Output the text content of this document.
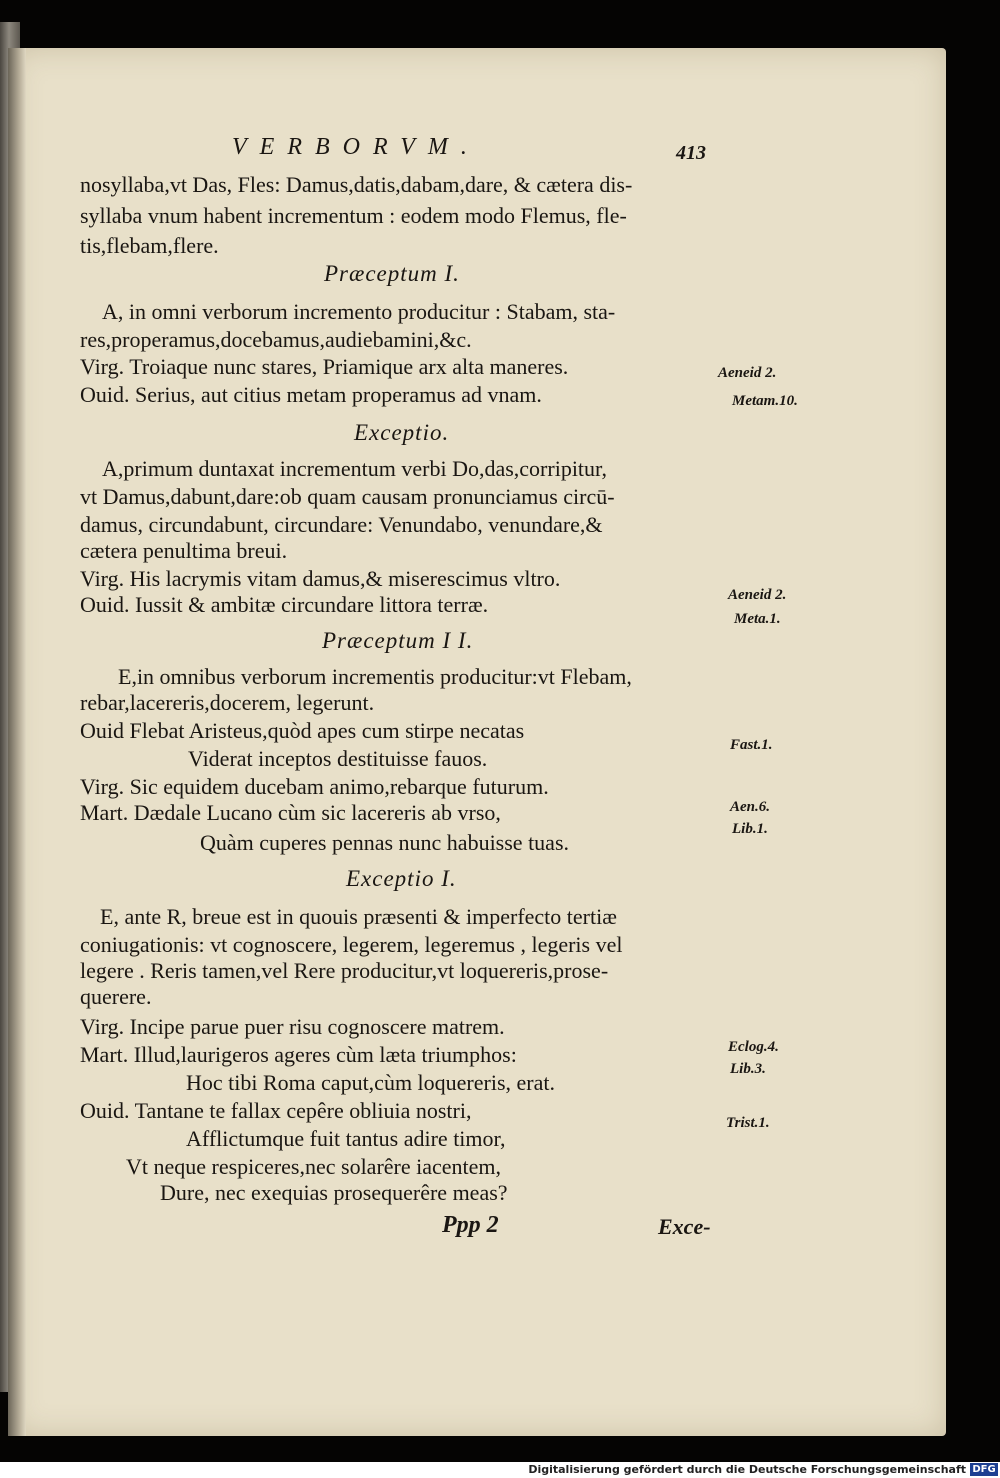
VERBORVM.	413
nosyllaba,vt Das, Fles: Damus,datis,dabam,dare, & cætera dis-
syllaba vnum habent incrementum : eodem modo Flemus, fle-
tis,flebam,flere.
Præceptum I.
A, in omni verborum incremento producitur : Stabam, sta-
res,properamus,docebamus,audiebamini,&c.
Virg. Troiaque nunc stares, Priamique arx alta maneres.
Ouid. Serius, aut citius metam properamus ad vnam.
Exceptio.
A,primum duntaxat incrementum verbi Do,das,corripitur,
vt Damus,dabunt,dare:ob quam causam pronunciamus circū-
damus, circundabunt, circundare: Venundabo, venundare,&
cætera penultima breui.
Virg. His lacrymis vitam damus,& miserescimus vltro.
Ouid. Iussit & ambitæ circundare littora terræ.
Præceptum I I.
E,in omnibus verborum incrementis producitur:vt Flebam,
rebar,lacereris,docerem, legerunt.
Ouid Flebat Aristeus,quòd apes cum stirpe necatas
Viderat inceptos destituisse fauos.
Virg. Sic equidem ducebam animo,rebarque futurum.
Mart. Dædale Lucano cùm sic lacereris ab vrso,
Quàm cuperes pennas nunc habuisse tuas.
Exceptio I.
E, ante R, breue est in quouis præsenti & imperfecto tertiæ
coniugationis: vt cognoscere, legerem, legeremus , legeris vel
legere . Reris tamen,vel Rere producitur,vt loquereris,prose-
querere.
Virg. Incipe parue puer risu cognoscere matrem.
Mart. Illud,laurigeros ageres cùm læta triumphos:
Hoc tibi Roma caput,cùm loquereris, erat.
Ouid. Tantane te fallax cepêre obliuia nostri,
Afflictumque fuit tantus adire timor,
Vt neque respiceres,nec solarêre iacentem,
Dure, nec exequias prosequerêre meas?
Aeneid 2.
Metam.10.
Aeneid 2.
Meta.1.
Fast.1.
Aen.6.
Lib.1.
Eclog.4.
Lib.3.
Trist.1.
Ppp 2	Exce-
Digitalisierung gefördert durch die Deutsche Forschungsgemeinschaft DFG
